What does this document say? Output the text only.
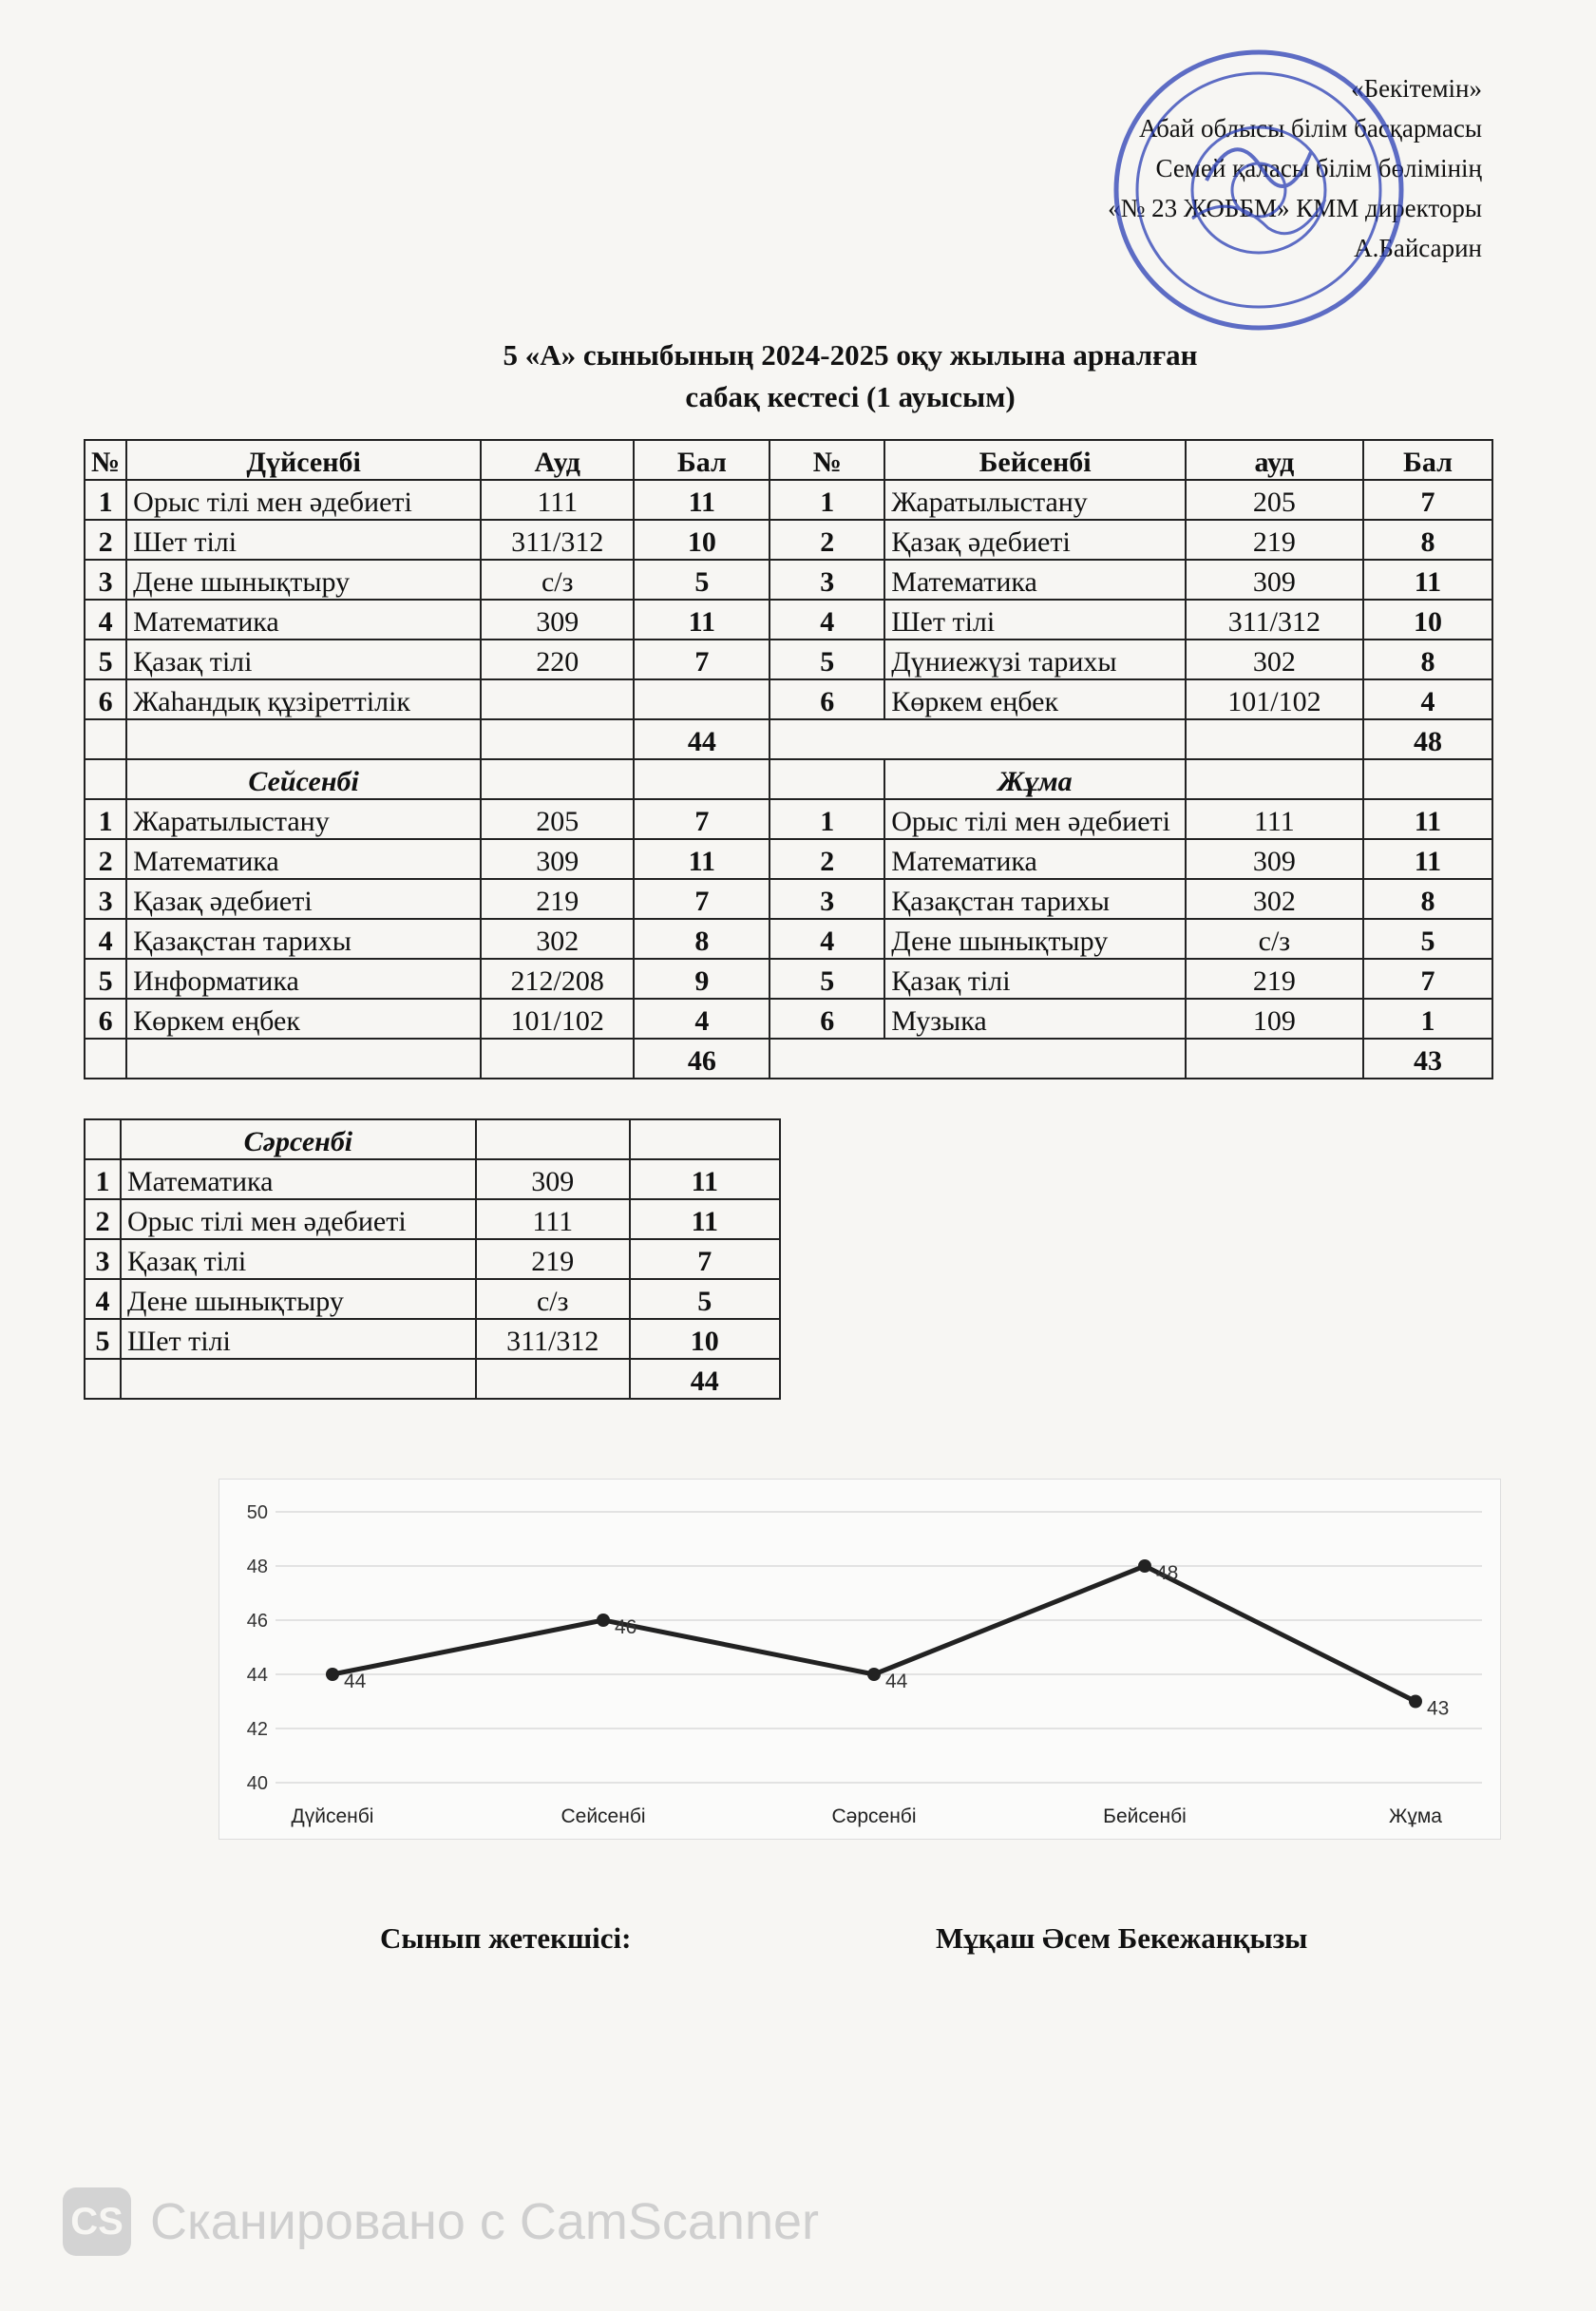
«Бекітемін»
Абай облысы білім басқармасы
Семей қаласы білім бөлімінің
«№ 23 ЖОББМ» КММ директоры
А.Байсарин
5 «А» сыныбының 2024-2025 оқу жылына арналған
сабақ кестесі (1 ауысым)
№	Дүйсенбі	Ауд	Бал	№	Бейсенбі	ауд	Бал
1	Орыс тілі мен әдебиеті	111	11	1	Жаратылыстану	205	7
2	Шет тілі	311/312	10	2	Қазақ әдебиеті	219	8
3	Дене шынықтыру	с/з	5	3	Математика	309	11
4	Математика	309	11	4	Шет тілі	311/312	10
5	Қазақ тілі	220	7	5	Дүниежүзі тарихы	302	8
6	Жаһандық құзіреттілік			6	Көркем еңбек	101/102	4
			44				48
	Сейсенбі				Жұма		
1	Жаратылыстану	205	7	1	Орыс тілі мен әдебиеті	111	11
2	Математика	309	11	2	Математика	309	11
3	Қазақ әдебиеті	219	7	3	Қазақстан тарихы	302	8
4	Қазақстан тарихы	302	8	4	Дене шынықтыру	с/з	5
5	Информатика	212/208	9	5	Қазақ тілі	219	7
6	Көркем еңбек	101/102	4	6	Музыка	109	1
			46				43
	Сәрсенбі		
1	Математика	309	11
2	Орыс тілі мен әдебиеті	111	11
3	Қазақ тілі	219	7
4	Дене шынықтыру	с/з	5
5	Шет тілі	311/312	10
			44
40
42
44
46
48
50
44
46
44
48
43
Дүйсенбі	Сейсенбі	Сәрсенбі	Бейсенбі	Жұма
Сынып жетекшісі:	Мұқаш Әсем Бекежанқызы
CS Сканировано с CamScanner
